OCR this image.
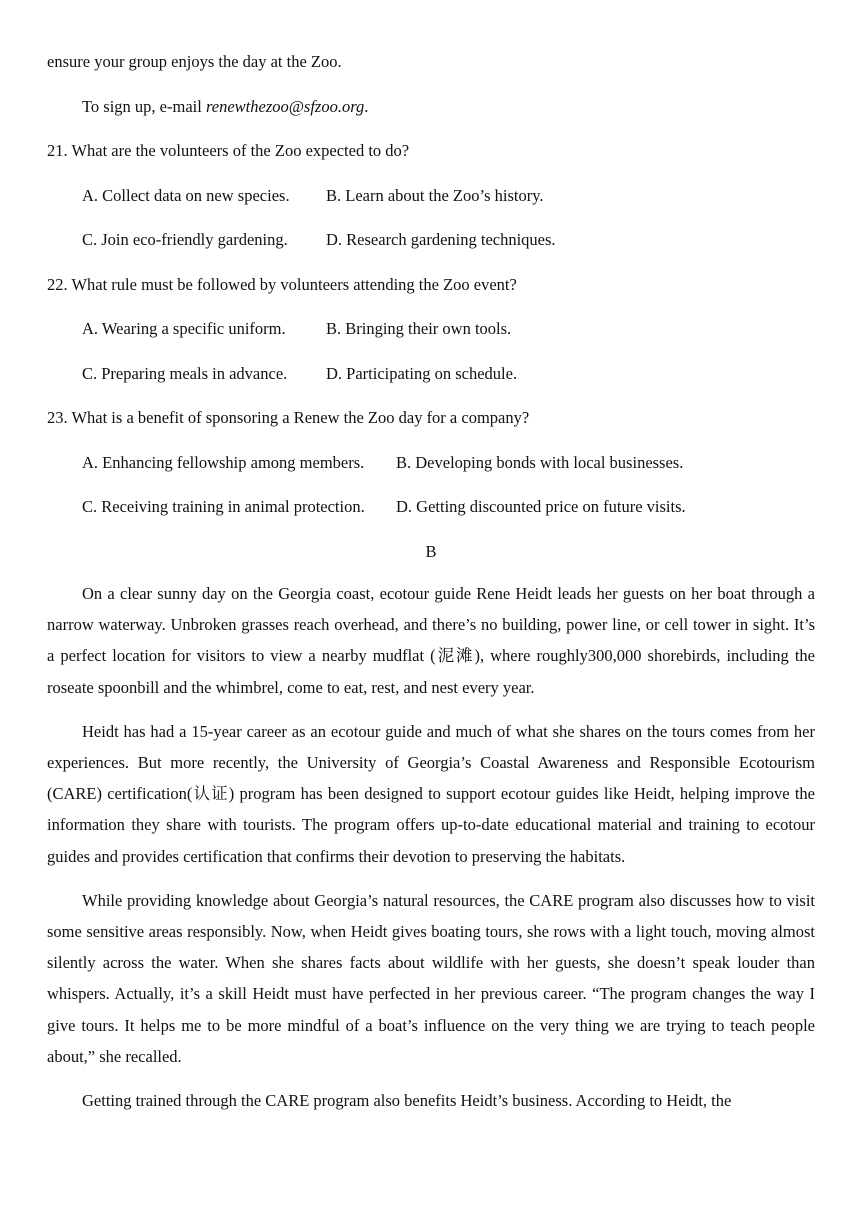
ensure your group enjoys the day at the Zoo.
To sign up, e-mail renewthezoo@sfzoo.org.
21. What are the volunteers of the Zoo expected to do?
A. Collect data on new species. B. Learn about the Zoo’s history.
C. Join eco-friendly gardening. D. Research gardening techniques.
22. What rule must be followed by volunteers attending the Zoo event?
A. Wearing a specific uniform. B. Bringing their own tools.
C. Preparing meals in advance. D. Participating on schedule.
23. What is a benefit of sponsoring a Renew the Zoo day for a company?
A. Enhancing fellowship among members. B. Developing bonds with local businesses.
C. Receiving training in animal protection. D. Getting discounted price on future visits.
B

On a clear sunny day on the Georgia coast, ecotour guide Rene Heidt leads her guests on her boat through a narrow waterway. Unbroken grasses reach overhead, and there’s no building, power line, or cell tower in sight. It’s a perfect location for visitors to view a nearby mudflat (泥滩), where roughly300,000 shorebirds, including the roseate spoonbill and the whimbrel, come to eat, rest, and nest every year.

Heidt has had a 15-year career as an ecotour guide and much of what she shares on the tours comes from her experiences. But more recently, the University of Georgia’s Coastal Awareness and Responsible Ecotourism (CARE) certification(认证) program has been designed to support ecotour guides like Heidt, helping improve the information they share with tourists. The program offers up-to-date educational material and training to ecotour guides and provides certification that confirms their devotion to preserving the habitats.

While providing knowledge about Georgia’s natural resources, the CARE program also discusses how to visit some sensitive areas responsibly. Now, when Heidt gives boating tours, she rows with a light touch, moving almost silently across the water. When she shares facts about wildlife with her guests, she doesn’t speak louder than whispers. Actually, it’s a skill Heidt must have perfected in her previous career. “The program changes the way I give tours. It helps me to be more mindful of a boat’s influence on the very thing we are trying to teach people about,” she recalled.

Getting trained through the CARE program also benefits Heidt’s business. According to Heidt, the
